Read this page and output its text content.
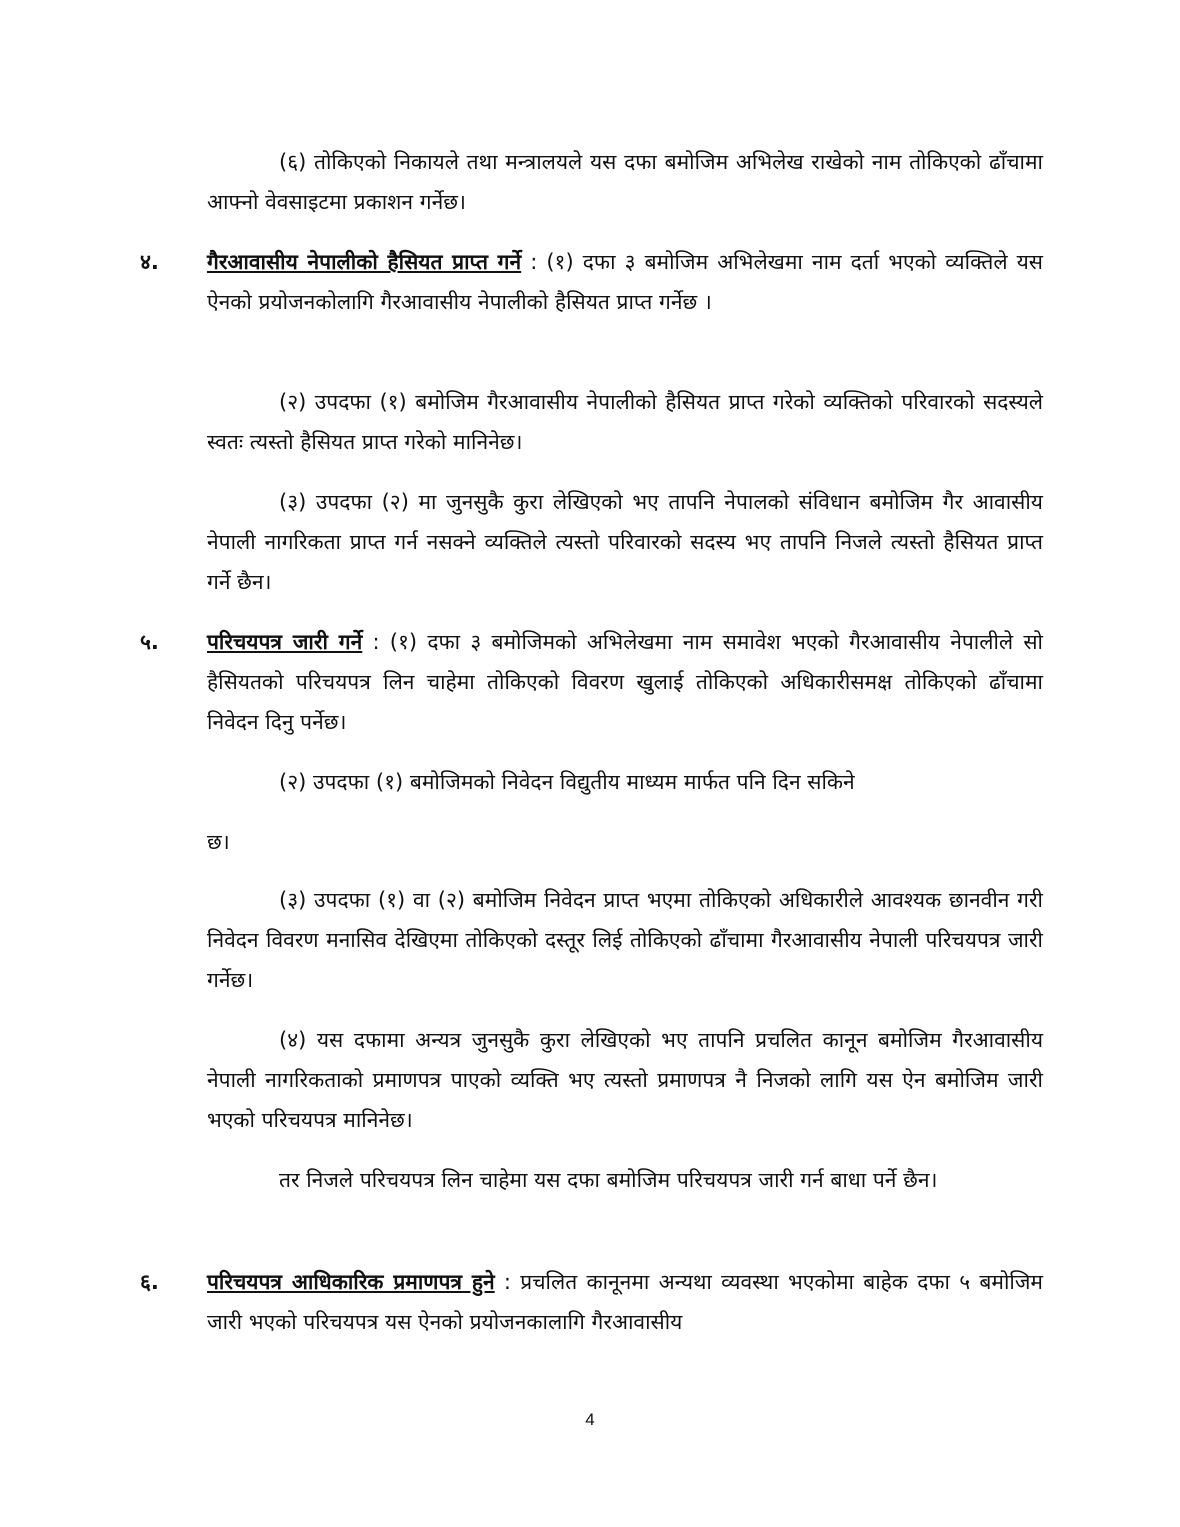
(६) तोकिएको निकायले तथा मन्त्रालयले यस दफा बमोजिम अभिलेख राखेको नाम तोकिएको ढाँचामा आफ्नो वेवसाइटमा प्रकाशन गर्नेछ।

४. गैरआवासीय नेपालीको हैसियत प्राप्त गर्ने : (१) दफा ३ बमोजिम अभिलेखमा नाम दर्ता भएको व्यक्तिले यस ऐनको प्रयोजनकोलागि गैरआवासीय नेपालीको हैसियत प्राप्त गर्नेछ ।

(२) उपदफा (१) बमोजिम गैरआवासीय नेपालीको हैसियत प्राप्त गरेको व्यक्तिको परिवारको सदस्यले स्वतः त्यस्तो हैसियत प्राप्त गरेको मानिनेछ।

(३) उपदफा (२) मा जुनसुकै कुरा लेखिएको भए तापनि नेपालको संविधान बमोजिम गैर आवासीय नेपाली नागरिकता प्राप्त गर्न नसक्ने व्यक्तिले त्यस्तो परिवारको सदस्य भए तापनि निजले त्यस्तो हैसियत प्राप्त गर्ने छैन।

५. परिचयपत्र जारी गर्ने : (१) दफा ३ बमोजिमको अभिलेखमा नाम समावेश भएको गैरआवासीय नेपालीले सो हैसियतको परिचयपत्र लिन चाहेमा तोकिएको विवरण खुलाई तोकिएको अधिकारीसमक्ष तोकिएको ढाँचामा निवेदन दिनु पर्नेछ।

(२) उपदफा (१) बमोजिमको निवेदन विद्युतीय माध्यम मार्फत पनि दिन सकिने

छ।

(३) उपदफा (१) वा (२) बमोजिम निवेदन प्राप्त भएमा तोकिएको अधिकारीले आवश्यक छानवीन गरी निवेदन विवरण मनासिव देखिएमा तोकिएको दस्तूर लिई तोकिएको ढाँचामा गैरआवासीय नेपाली परिचयपत्र जारी गर्नेछ।

(४) यस दफामा अन्यत्र जुनसुकै कुरा लेखिएको भए तापनि प्रचलित कानून बमोजिम गैरआवासीय नेपाली नागरिकताको प्रमाणपत्र पाएको व्यक्ति भए त्यस्तो प्रमाणपत्र नै निजको लागि यस ऐन बमोजिम जारी भएको परिचयपत्र मानिनेछ।

तर निजले परिचयपत्र लिन चाहेमा यस दफा बमोजिम परिचयपत्र जारी गर्न बाधा पर्ने छैन।

६. परिचयपत्र आधिकारिक प्रमाणपत्र हुने : प्रचलित कानूनमा अन्यथा व्यवस्था भएकोमा बाहेक दफा ५ बमोजिम जारी भएको परिचयपत्र यस ऐनको प्रयोजनकालागि गैरआवासीय

4
